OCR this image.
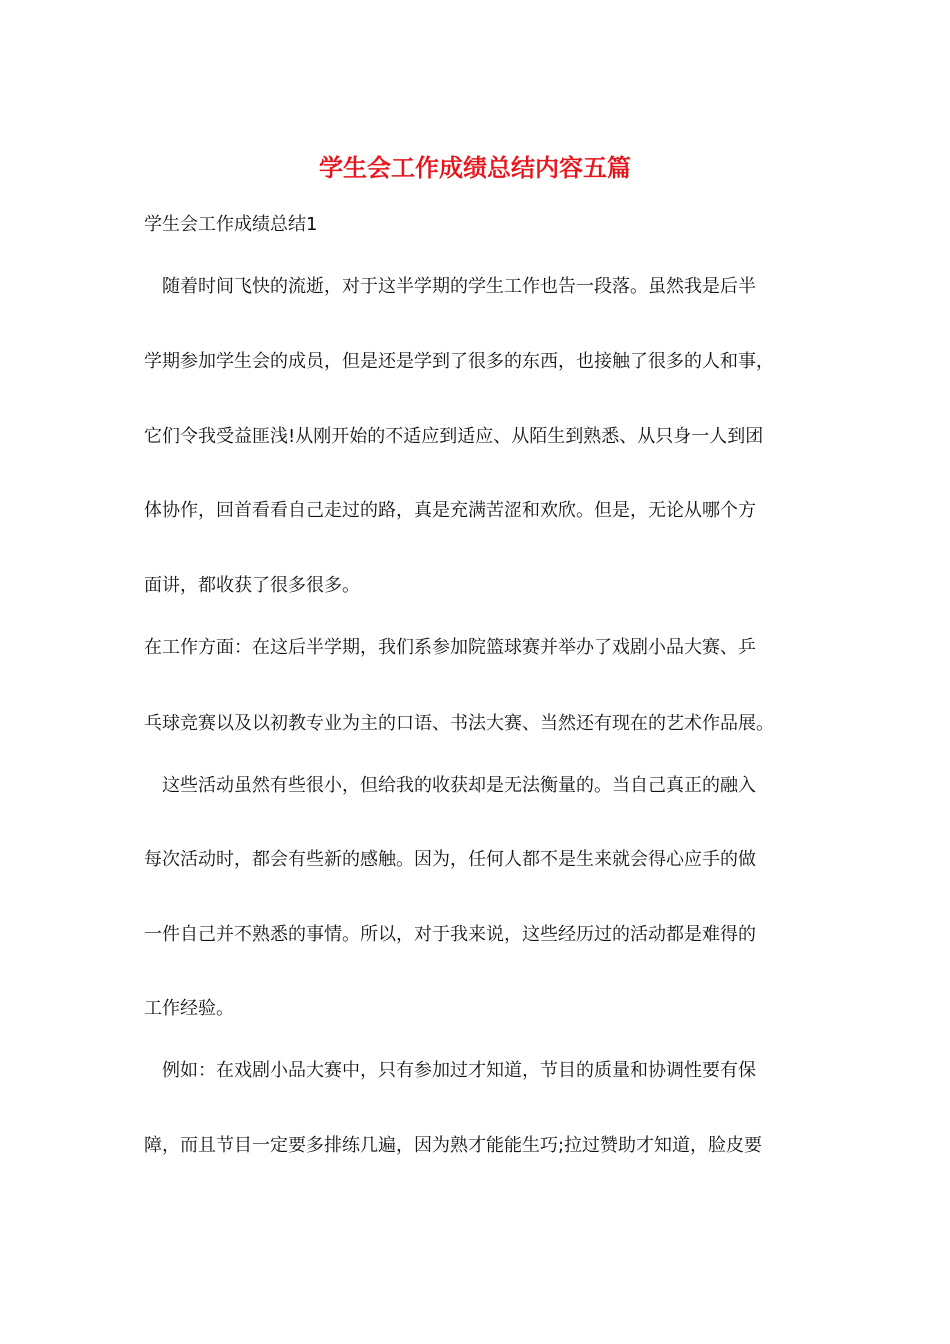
学生会工作成绩总结内容五篇

学生会工作成绩总结1

随着时间飞快的流逝，对于这半学期的学生工作也告一段落。虽然我是后半

学期参加学生会的成员，但是还是学到了很多的东西，也接触了很多的人和事，

它们令我受益匪浅!从刚开始的不适应到适应、从陌生到熟悉、从只身一人到团

体协作，回首看看自己走过的路，真是充满苦涩和欢欣。但是，无论从哪个方

面讲，都收获了很多很多。

在工作方面：在这后半学期，我们系参加院篮球赛并举办了戏剧小品大赛、乒

乓球竞赛以及以初教专业为主的口语、书法大赛、当然还有现在的艺术作品展。

这些活动虽然有些很小，但给我的收获却是无法衡量的。当自己真正的融入

每次活动时，都会有些新的感触。因为，任何人都不是生来就会得心应手的做

一件自己并不熟悉的事情。所以，对于我来说，这些经历过的活动都是难得的

工作经验。

例如：在戏剧小品大赛中，只有参加过才知道，节目的质量和协调性要有保

障，而且节目一定要多排练几遍，因为熟才能能生巧;拉过赞助才知道，脸皮要
